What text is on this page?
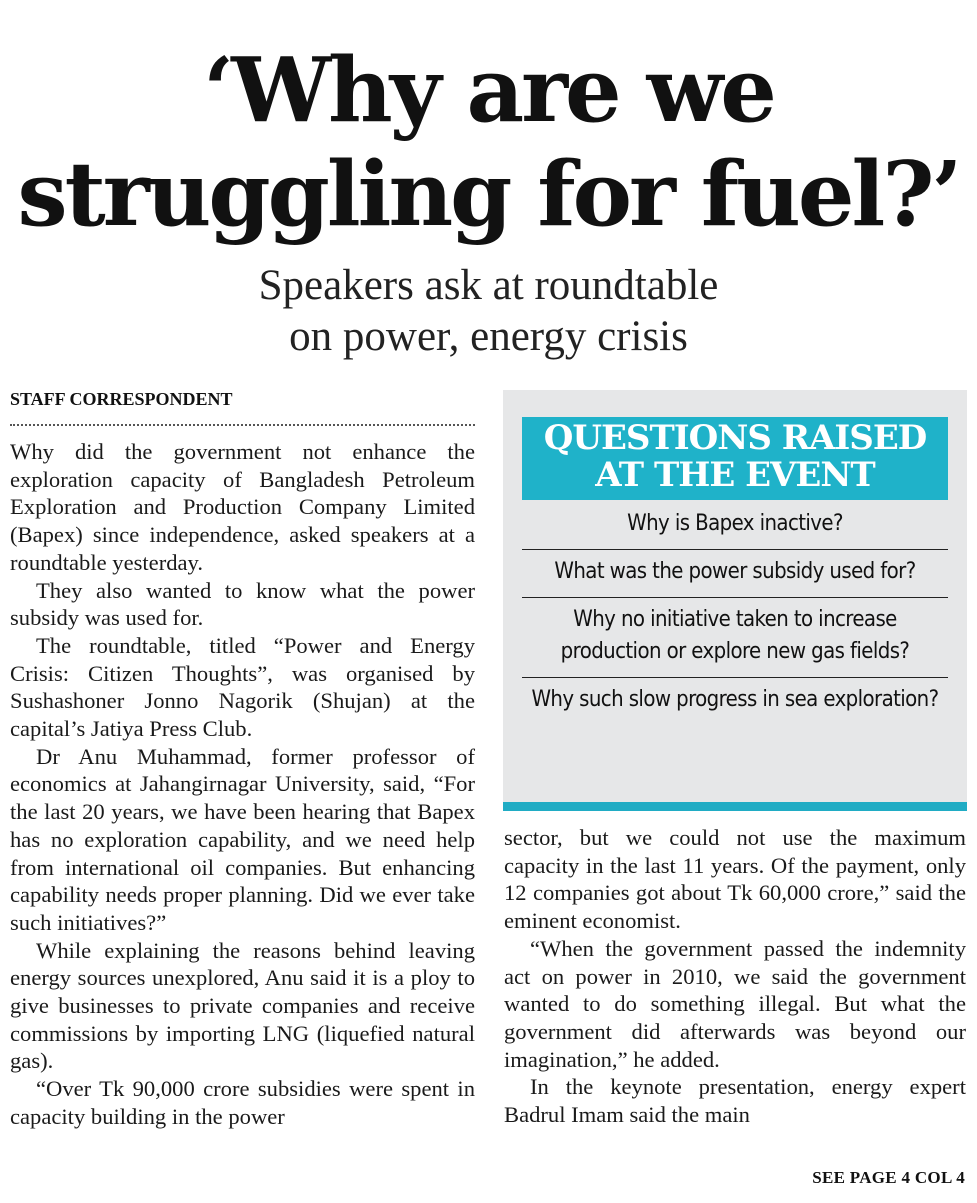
‘Why are we
struggling for fuel?’
Speakers ask at roundtable
on power, energy crisis
STAFF CORRESPONDENT

Why did the government not enhance the exploration capacity of Bangladesh Petroleum Exploration and Production Company Limited (Bapex) since independence, asked speakers at a roundtable yesterday.

They also wanted to know what the power subsidy was used for.

The roundtable, titled “Power and Energy Crisis: Citizen Thoughts”, was organised by Sushashoner Jonno Nagorik (Shujan) at the capital’s Jatiya Press Club.

Dr Anu Muhammad, former professor of economics at Jahangirnagar University, said, “For the last 20 years, we have been hearing that Bapex has no exploration capability, and we need help from international oil companies. But enhancing capability needs proper planning. Did we ever take such initiatives?”

While explaining the reasons behind leaving energy sources unexplored, Anu said it is a ploy to give businesses to private companies and receive commissions by importing LNG (liquefied natural gas).

“Over Tk 90,000 crore subsidies were spent in capacity building in the power

QUESTIONS RAISED
AT THE EVENT
Why is Bapex inactive?
What was the power subsidy used for?
Why no initiative taken to increase production or explore new gas fields?
Why such slow progress in sea exploration?

sector, but we could not use the maximum capacity in the last 11 years. Of the payment, only 12 companies got about Tk 60,000 crore,” said the eminent economist.

“When the government passed the indemnity act on power in 2010, we said the government wanted to do something illegal. But what the government did afterwards was beyond our imagination,” he added.

In the keynote presentation, energy expert Badrul Imam said the main

SEE PAGE 4 COL 4
